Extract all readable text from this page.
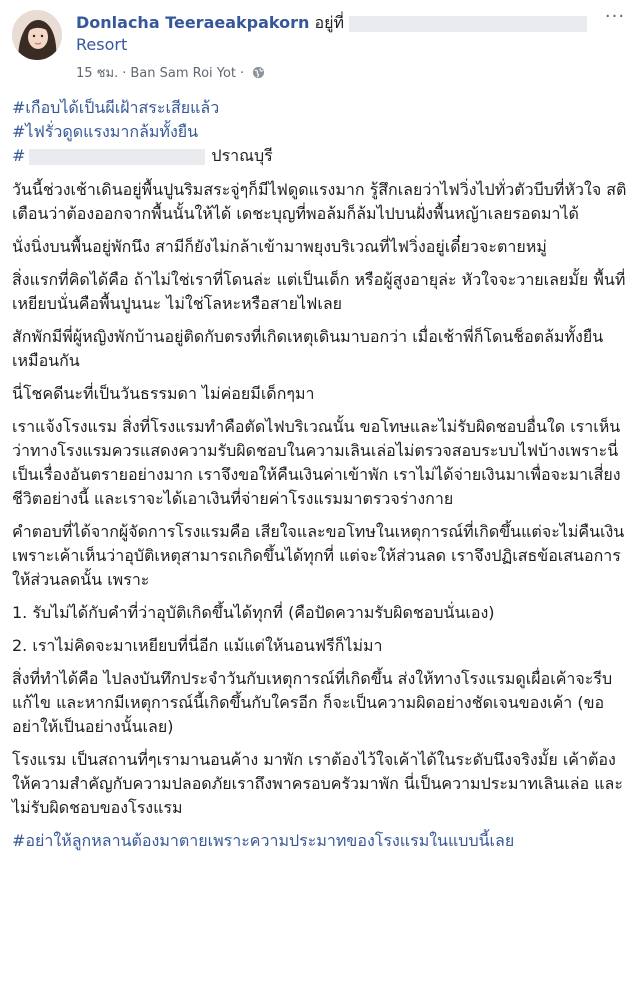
Donlacha Teeraeakpakorn อยู่ที่
Resort
15 ชม. · Ban Sam Roi Yot ·
···

#เกือบได้เป็นผีเฝ้าสระเสียแล้ว
#ไฟรั่วดูดแรงมากล้มทั้งยืน
#	ปราณบุรี

วันนี้ช่วงเช้าเดินอยู่พื้นปูนริมสระจู่ๆก็มีไฟดูดแรงมาก รู้สึกเลยว่าไฟวิ่งไปทั่วตัวบีบที่หัวใจ สติเตือนว่าต้องออกจากพื้นนั้นให้ได้ เดชะบุญที่พอล้มก็ล้มไปบนฝั่งพื้นหญ้าเลยรอดมาได้

นั่งนิ่งบนพื้นอยู่พักนึง สามีก็ยังไม่กล้าเข้ามาพยุงบริเวณที่ไฟวิ่งอยู่เดี๋ยวจะตายหมู่

สิ่งแรกที่คิดได้คือ ถ้าไม่ใช่เราที่โดนล่ะ แต่เป็นเด็ก หรือผู้สูงอายุล่ะ หัวใจจะวายเลยมั้ย พื้นที่เหยียบนั่นคือพื้นปูนนะ ไม่ใช่โลหะหรือสายไฟเลย

สักพักมีพี่ผู้หญิงพักบ้านอยู่ติดกับตรงที่เกิดเหตุเดินมาบอกว่า เมื่อเช้าพี่ก็โดนช็อตล้มทั้งยืนเหมือนกัน

นี่โชคดีนะที่เป็นวันธรรมดา ไม่ค่อยมีเด็กๆมา

เราแจ้งโรงแรม สิ่งที่โรงแรมทำคือตัดไฟบริเวณนั้น ขอโทษและไม่รับผิดชอบอื่นใด เราเห็นว่าทางโรงแรมควรแสดงความรับผิดชอบในความเลินเล่อไม่ตรวจสอบระบบไฟบ้างเพราะนี่เป็นเรื่องอันตรายอย่างมาก เราจึงขอให้คืนเงินค่าเข้าพัก เราไม่ได้จ่ายเงินมาเพื่อจะมาเสี่ยงชีวิตอย่างนี้ และเราจะได้เอาเงินที่จ่ายค่าโรงแรมมาตรวจร่างกาย

คำตอบที่ได้จากผู้จัดการโรงแรมคือ เสียใจและขอโทษในเหตุการณ์ที่เกิดขึ้นแต่จะไม่คืนเงินเพราะเค้าเห็นว่าอุบัติเหตุสามารถเกิดขึ้นได้ทุกที่ แต่จะให้ส่วนลด เราจึงปฏิเสธข้อเสนอการให้ส่วนลดนั้น เพราะ

1. รับไม่ได้กับคำที่ว่าอุบัติเกิดขึ้นได้ทุกที่ (คือปัดความรับผิดชอบนั่นเอง)

2. เราไม่คิดจะมาเหยียบที่นี่อีก แม้แต่ให้นอนฟรีก็ไม่มา

สิ่งที่ทำได้คือ ไปลงบันทึกประจำวันกับเหตุการณ์ที่เกิดขึ้น ส่งให้ทางโรงแรมดูเผื่อเค้าจะรีบแก้ไข และหากมีเหตุการณ์นี้เกิดขึ้นกับใครอีก ก็จะเป็นความผิดอย่างชัดเจนของเค้า (ขออย่าให้เป็นอย่างนั้นเลย)

โรงแรม เป็นสถานที่ๆเรามานอนค้าง มาพัก เราต้องไว้ใจเค้าได้ในระดับนึงจริงมั้ย เค้าต้องให้ความสำคัญกับความปลอดภัยเราถึงพาครอบครัวมาพัก นี่เป็นความประมาทเลินเล่อ และไม่รับผิดชอบของโรงแรม

#อย่าให้ลูกหลานต้องมาตายเพราะความประมาทของโรงแรมในแบบนี้เลย
